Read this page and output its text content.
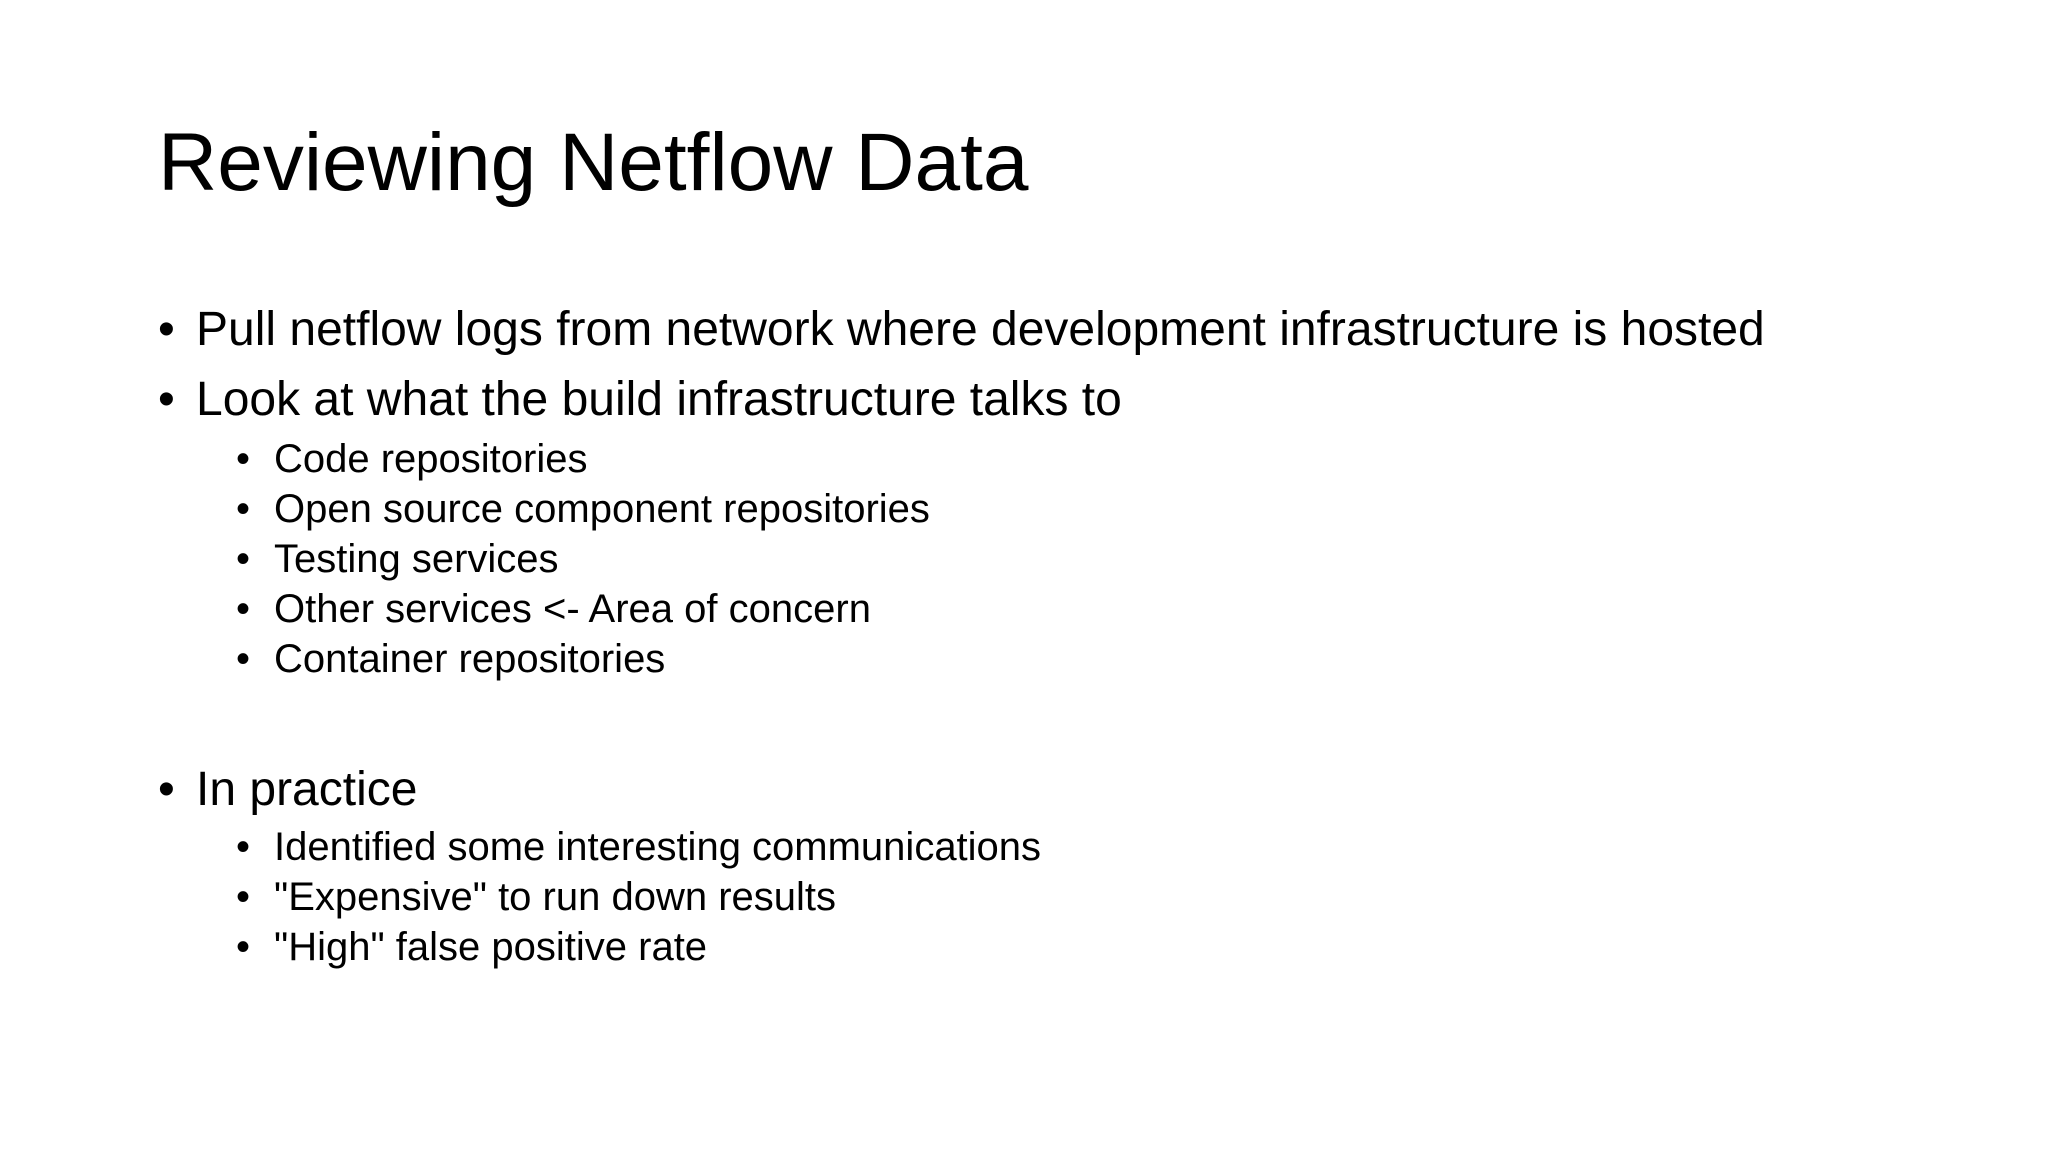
Reviewing Netflow Data
• Pull netflow logs from network where development infrastructure is hosted
• Look at what the build infrastructure talks to
• Code repositories
• Open source component repositories
• Testing services
• Other services <- Area of concern
• Container repositories
• In practice
• Identified some interesting communications
• "Expensive" to run down results
• "High" false positive rate
